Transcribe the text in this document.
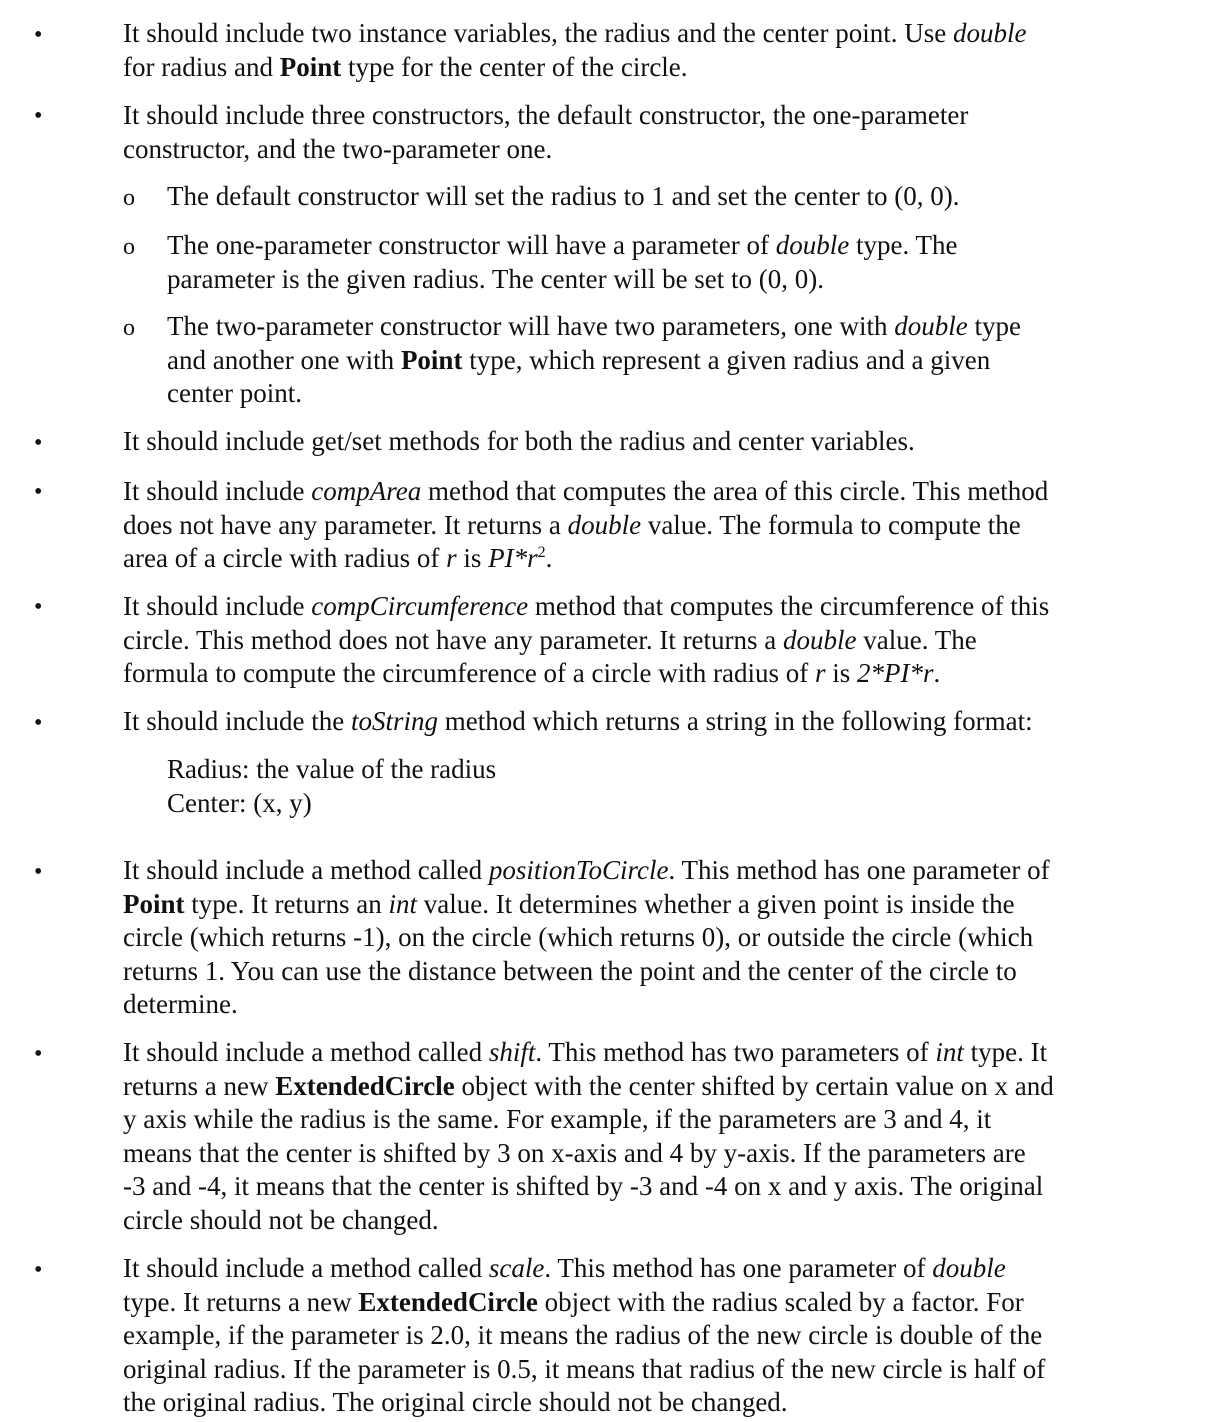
•	It should include two instance variables, the radius and the center point. Use double
for radius and Point type for the center of the circle.
•	It should include three constructors, the default constructor, the one-parameter
constructor, and the two-parameter one.
o The default constructor will set the radius to 1 and set the center to (0, 0).
o The one-parameter constructor will have a parameter of double type. The
parameter is the given radius. The center will be set to (0, 0).
o The two-parameter constructor will have two parameters, one with double type
and another one with Point type, which represent a given radius and a given
center point.
•	It should include get/set methods for both the radius and center variables.
•	It should include compArea method that computes the area of this circle. This method
does not have any parameter. It returns a double value. The formula to compute the
area of a circle with radius of r is $PI*r^2$.
•	It should include compCircumference method that computes the circumference of this
circle. This method does not have any parameter. It returns a double value. The
formula to compute the circumference of a circle with radius of r is 2*PI*r.
•	It should include the toString method which returns a string in the following format:
Radius: the value of the radius
Center: (x, y)
•	It should include a method called positionToCircle. This method has one parameter of
Point type. It returns an int value. It determines whether a given point is inside the
circle (which returns -1), on the circle (which returns 0), or outside the circle (which
returns 1. You can use the distance between the point and the center of the circle to
determine.
•	It should include a method called shift. This method has two parameters of int type. It
returns a new ExtendedCircle object with the center shifted by certain value on x and
y axis while the radius is the same. For example, if the parameters are 3 and 4, it
means that the center is shifted by 3 on x-axis and 4 by y-axis. If the parameters are
-3 and -4, it means that the center is shifted by -3 and -4 on x and y axis. The original
circle should not be changed.
•	It should include a method called scale. This method has one parameter of double
type. It returns a new ExtendedCircle object with the radius scaled by a factor. For
example, if the parameter is 2.0, it means the radius of the new circle is double of the
original radius. If the parameter is 0.5, it means that radius of the new circle is half of
the original radius. The original circle should not be changed.
